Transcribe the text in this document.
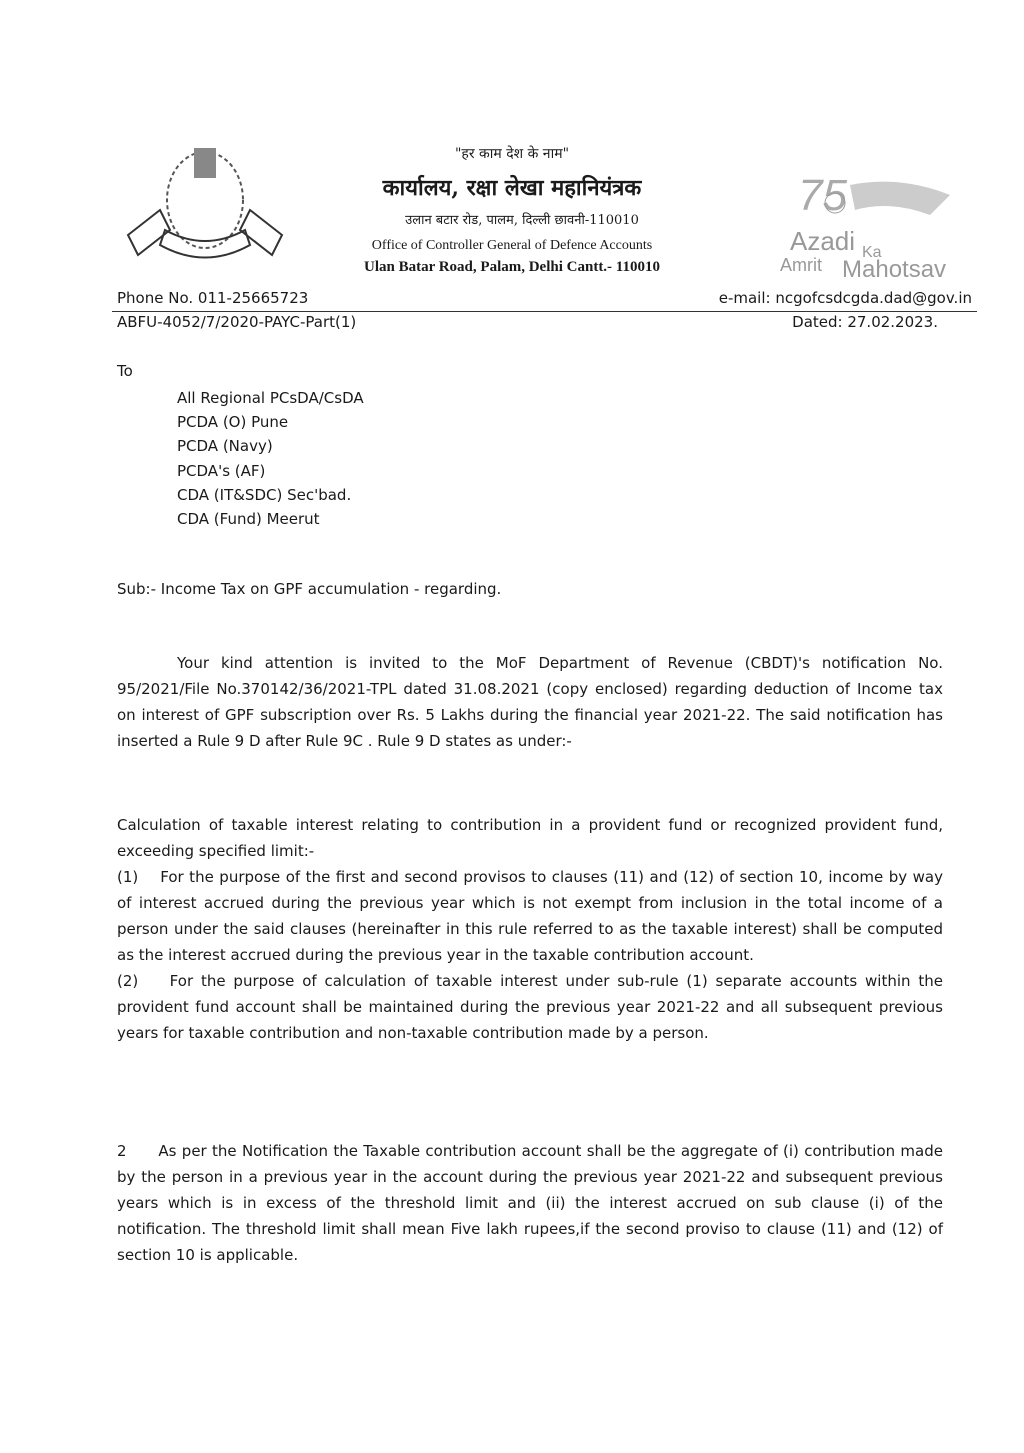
75
Azadi Ka
Amrit Mahotsav
"हर काम देश के नाम"
कार्यालय, रक्षा लेखा महानियंत्रक
उलान बटार रोड, पालम, दिल्ली छावनी-110010
Office of Controller General of Defence Accounts
Ulan Batar Road, Palam, Delhi Cantt.- 110010
Phone No. 011-25665723	e-mail: ncgofcsdcgda.dad@gov.in
ABFU-4052/7/2020-PAYC-Part(1)	Dated: 27.02.2023.
To
All Regional PCsDA/CsDA
PCDA (O) Pune
PCDA (Navy)
PCDA's (AF)
CDA (IT&SDC) Sec'bad.
CDA (Fund) Meerut
Sub:- Income Tax on GPF accumulation - regarding.
Your kind attention is invited to the MoF Department of Revenue (CBDT)'s notification No. 95/2021/File No.370142/36/2021-TPL dated 31.08.2021 (copy enclosed) regarding deduction of Income tax on interest of GPF subscription over Rs. 5 Lakhs during the financial year 2021-22. The said notification has inserted a Rule 9 D after Rule 9C . Rule 9 D states as under:-
Calculation of taxable interest relating to contribution in a provident fund or recognized provident fund, exceeding specified limit:-
(1) For the purpose of the first and second provisos to clauses (11) and (12) of section 10, income by way of interest accrued during the previous year which is not exempt from inclusion in the total income of a person under the said clauses (hereinafter in this rule referred to as the taxable interest) shall be computed as the interest accrued during the previous year in the taxable contribution account.
(2) For the purpose of calculation of taxable interest under sub-rule (1) separate accounts within the provident fund account shall be maintained during the previous year 2021-22 and all subsequent previous years for taxable contribution and non-taxable contribution made by a person.
2 As per the Notification the Taxable contribution account shall be the aggregate of (i) contribution made by the person in a previous year in the account during the previous year 2021-22 and subsequent previous years which is in excess of the threshold limit and (ii) the interest accrued on sub clause (i) of the notification. The threshold limit shall mean Five lakh rupees,if the second proviso to clause (11) and (12) of section 10 is applicable.
